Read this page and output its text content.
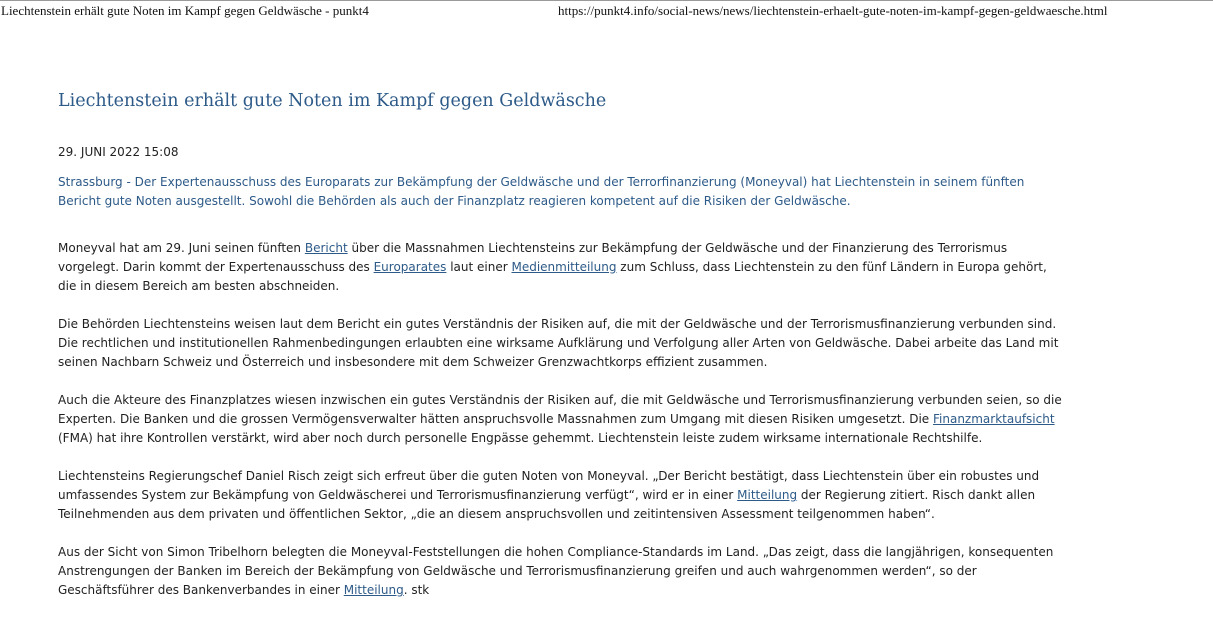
Liechtenstein erhält gute Noten im Kampf gegen Geldwäsche - punkt4	https://punkt4.info/social-news/news/liechtenstein-erhaelt-gute-noten-im-kampf-gegen-geldwaesche.html
Liechtenstein erhält gute Noten im Kampf gegen Geldwäsche
29. JUNI 2022 15:08

Strassburg - Der Expertenausschuss des Europarats zur Bekämpfung der Geldwäsche und der Terrorfinanzierung (Moneyval) hat Liechtenstein in seinem fünften Bericht gute Noten ausgestellt. Sowohl die Behörden als auch der Finanzplatz reagieren kompetent auf die Risiken der Geldwäsche.

Moneyval hat am 29. Juni seinen fünften Bericht über die Massnahmen Liechtensteins zur Bekämpfung der Geldwäsche und der Finanzierung des Terrorismus vorgelegt. Darin kommt der Expertenausschuss des Europarates laut einer Medienmitteilung zum Schluss, dass Liechtenstein zu den fünf Ländern in Europa gehört, die in diesem Bereich am besten abschneiden.

Die Behörden Liechtensteins weisen laut dem Bericht ein gutes Verständnis der Risiken auf, die mit der Geldwäsche und der Terrorismusfinanzierung verbunden sind. Die rechtlichen und institutionellen Rahmenbedingungen erlaubten eine wirksame Aufklärung und Verfolgung aller Arten von Geldwäsche. Dabei arbeite das Land mit seinen Nachbarn Schweiz und Österreich und insbesondere mit dem Schweizer Grenzwachtkorps effizient zusammen.

Auch die Akteure des Finanzplatzes wiesen inzwischen ein gutes Verständnis der Risiken auf, die mit Geldwäsche und Terrorismusfinanzierung verbunden seien, so die Experten. Die Banken und die grossen Vermögensverwalter hätten anspruchsvolle Massnahmen zum Umgang mit diesen Risiken umgesetzt. Die Finanzmarktaufsicht (FMA) hat ihre Kontrollen verstärkt, wird aber noch durch personelle Engpässe gehemmt. Liechtenstein leiste zudem wirksame internationale Rechtshilfe.

Liechtensteins Regierungschef Daniel Risch zeigt sich erfreut über die guten Noten von Moneyval. „Der Bericht bestätigt, dass Liechtenstein über ein robustes und umfassendes System zur Bekämpfung von Geldwäscherei und Terrorismusfinanzierung verfügt“, wird er in einer Mitteilung der Regierung zitiert. Risch dankt allen Teilnehmenden aus dem privaten und öffentlichen Sektor, „die an diesem anspruchsvollen und zeitintensiven Assessment teilgenommen haben“.

Aus der Sicht von Simon Tribelhorn belegten die Moneyval-Feststellungen die hohen Compliance-Standards im Land. „Das zeigt, dass die langjährigen, konsequenten Anstrengungen der Banken im Bereich der Bekämpfung von Geldwäsche und Terrorismusfinanzierung greifen und auch wahrgenommen werden“, so der Geschäftsführer des Bankenverbandes in einer Mitteilung. stk
